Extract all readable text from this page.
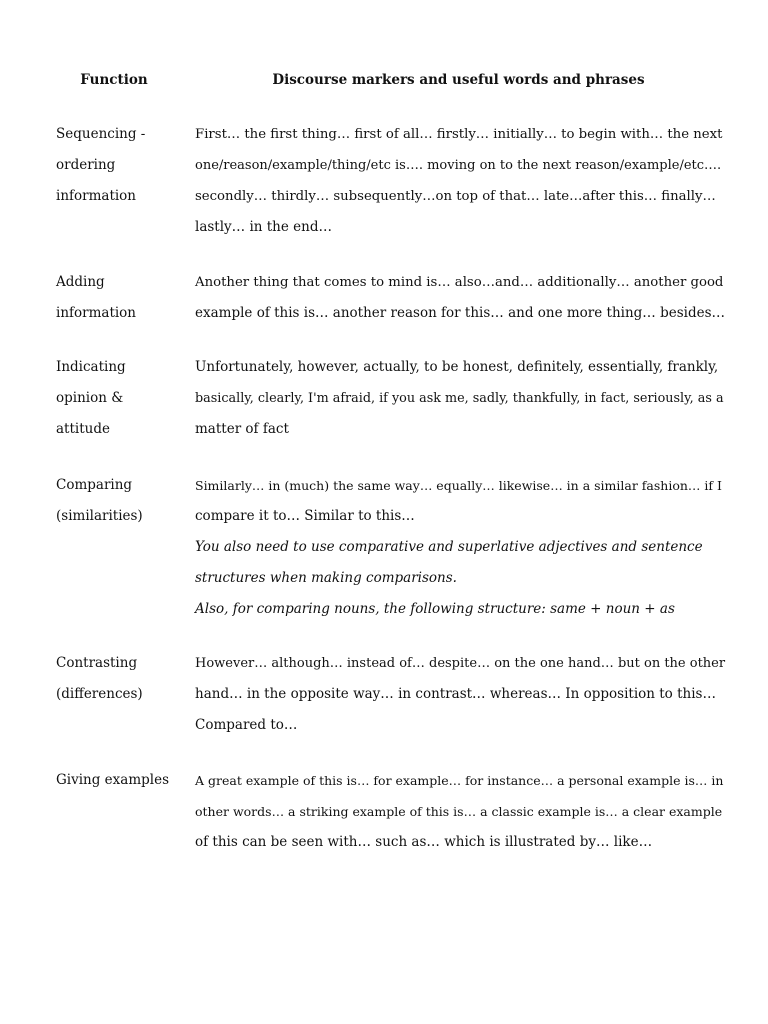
Function	Discourse markers and useful words and phrases
Sequencing -
ordering
information
First… the first thing… first of all… firstly… initially… to begin with… the next
one/reason/example/thing/etc is…. moving on to the next reason/example/etc….
secondly… thirdly… subsequently…on top of that… late…after this… finally…
lastly… in the end…
Adding
information
Another thing that comes to mind is… also…and… additionally… another good
example of this is… another reason for this… and one more thing… besides…
Indicating
opinion &
attitude
Unfortunately, however, actually, to be honest, definitely, essentially, frankly,
basically, clearly, I'm afraid, if you ask me, sadly, thankfully, in fact, seriously, as a
matter of fact
Comparing
(similarities)
Similarly… in (much) the same way… equally… likewise… in a similar fashion… if I
compare it to… Similar to this…
You also need to use comparative and superlative adjectives and sentence
structures when making comparisons.
Also, for comparing nouns, the following structure: same + noun + as
Contrasting
(differences)
However… although… instead of… despite… on the one hand… but on the other
hand… in the opposite way… in contrast… whereas… In opposition to this…
Compared to…
Giving examples	A great example of this is… for example… for instance… a personal example is… in
other words… a striking example of this is… a classic example is… a clear example
of this can be seen with… such as… which is illustrated by… like…
